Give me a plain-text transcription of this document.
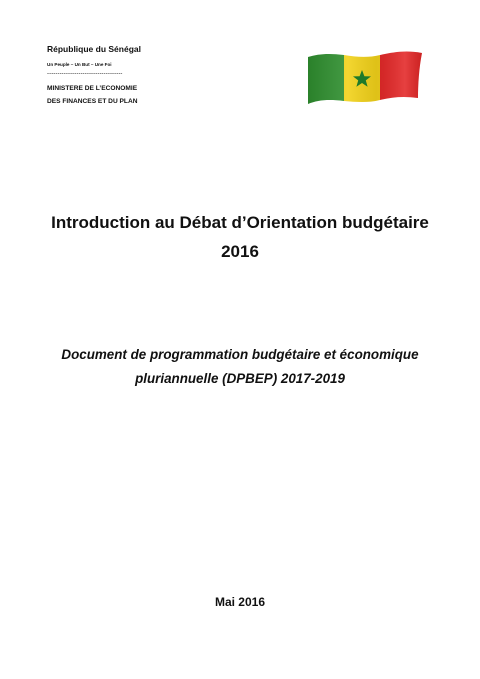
République du Sénégal

Un Peuple – Un But – Une Foi

------------------------------------

MINISTERE DE L’ECONOMIE
DES FINANCES ET DU PLAN

Introduction au Débat d’Orientation budgétaire
2016
Document de programmation budgétaire et économique
pluriannuelle (DPBEP) 2017-2019

Mai 2016
